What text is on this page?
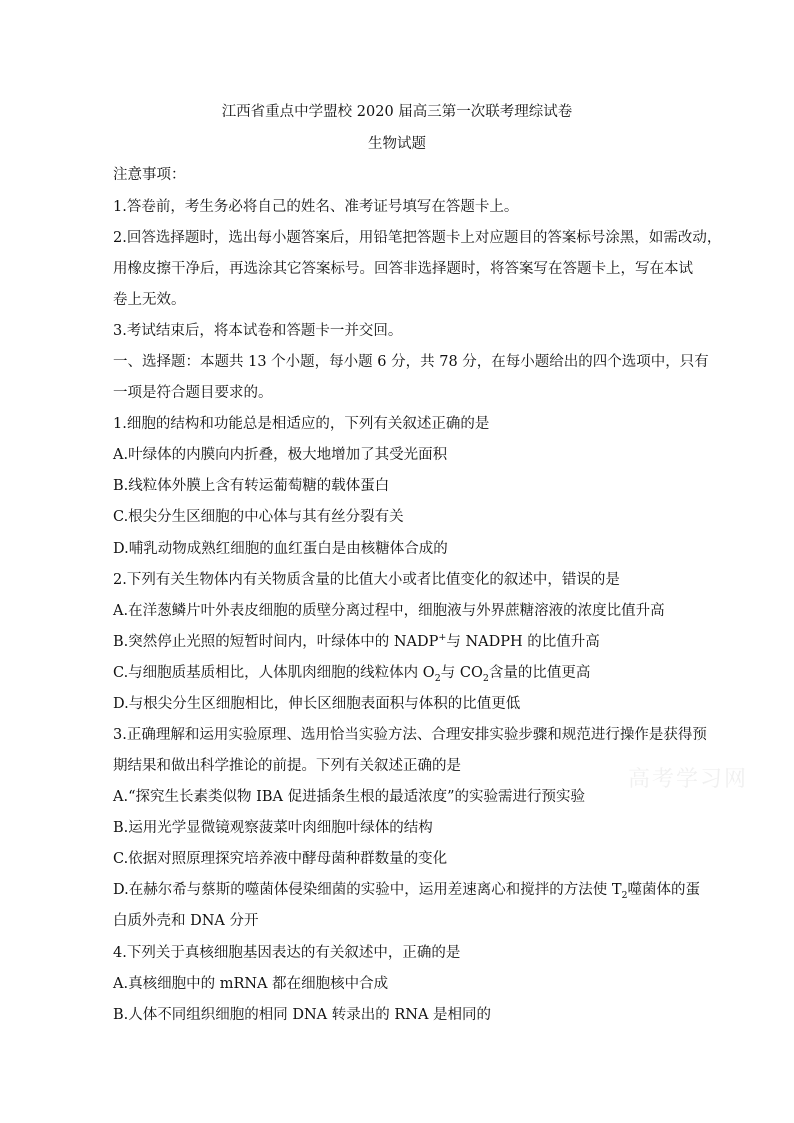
江西省重点中学盟校 2020 届高三第一次联考理综试卷
生物试题
注意事项：
1.答卷前，考生务必将自己的姓名、准考证号填写在答题卡上。
2.回答选择题时，选出每小题答案后，用铅笔把答题卡上对应题目的答案标号涂黑，如需改动，
用橡皮擦干净后，再选涂其它答案标号。回答非选择题时，将答案写在答题卡上，写在本试
卷上无效。
3.考试结束后，将本试卷和答题卡一并交回。
一、选择题：本题共 13 个小题，每小题 6 分，共 78 分，在每小题给出的四个选项中，只有
一项是符合题目要求的。
1.细胞的结构和功能总是相适应的，下列有关叙述正确的是
A.叶绿体的内膜向内折叠，极大地增加了其受光面积
B.线粒体外膜上含有转运葡萄糖的载体蛋白
C.根尖分生区细胞的中心体与其有丝分裂有关
D.哺乳动物成熟红细胞的血红蛋白是由核糖体合成的
2.下列有关生物体内有关物质含量的比值大小或者比值变化的叙述中，错误的是
A.在洋葱鳞片叶外表皮细胞的质壁分离过程中，细胞液与外界蔗糖溶液的浓度比值升高
B.突然停止光照的短暂时间内，叶绿体中的 NADP+与 NADPH 的比值升高
C.与细胞质基质相比，人体肌肉细胞的线粒体内 $O_2$与 $CO_2$含量的比值更高
D.与根尖分生区细胞相比，伸长区细胞表面积与体积的比值更低
3.正确理解和运用实验原理、选用恰当实验方法、合理安排实验步骤和规范进行操作是获得预
期结果和做出科学推论的前提。下列有关叙述正确的是
A.“探究生长素类似物 IBA 促进插条生根的最适浓度”的实验需进行预实验
B.运用光学显微镜观察菠菜叶肉细胞叶绿体的结构
C.依据对照原理探究培养液中酵母菌种群数量的变化
D.在赫尔希与蔡斯的噬菌体侵染细菌的实验中，运用差速离心和搅拌的方法使 $T_2$噬菌体的蛋
白质外壳和 DNA 分开
4.下列关于真核细胞基因表达的有关叙述中，正确的是
A.真核细胞中的 mRNA 都在细胞核中合成
B.人体不同组织细胞的相同 DNA 转录出的 RNA 是相同的
高考学习网
